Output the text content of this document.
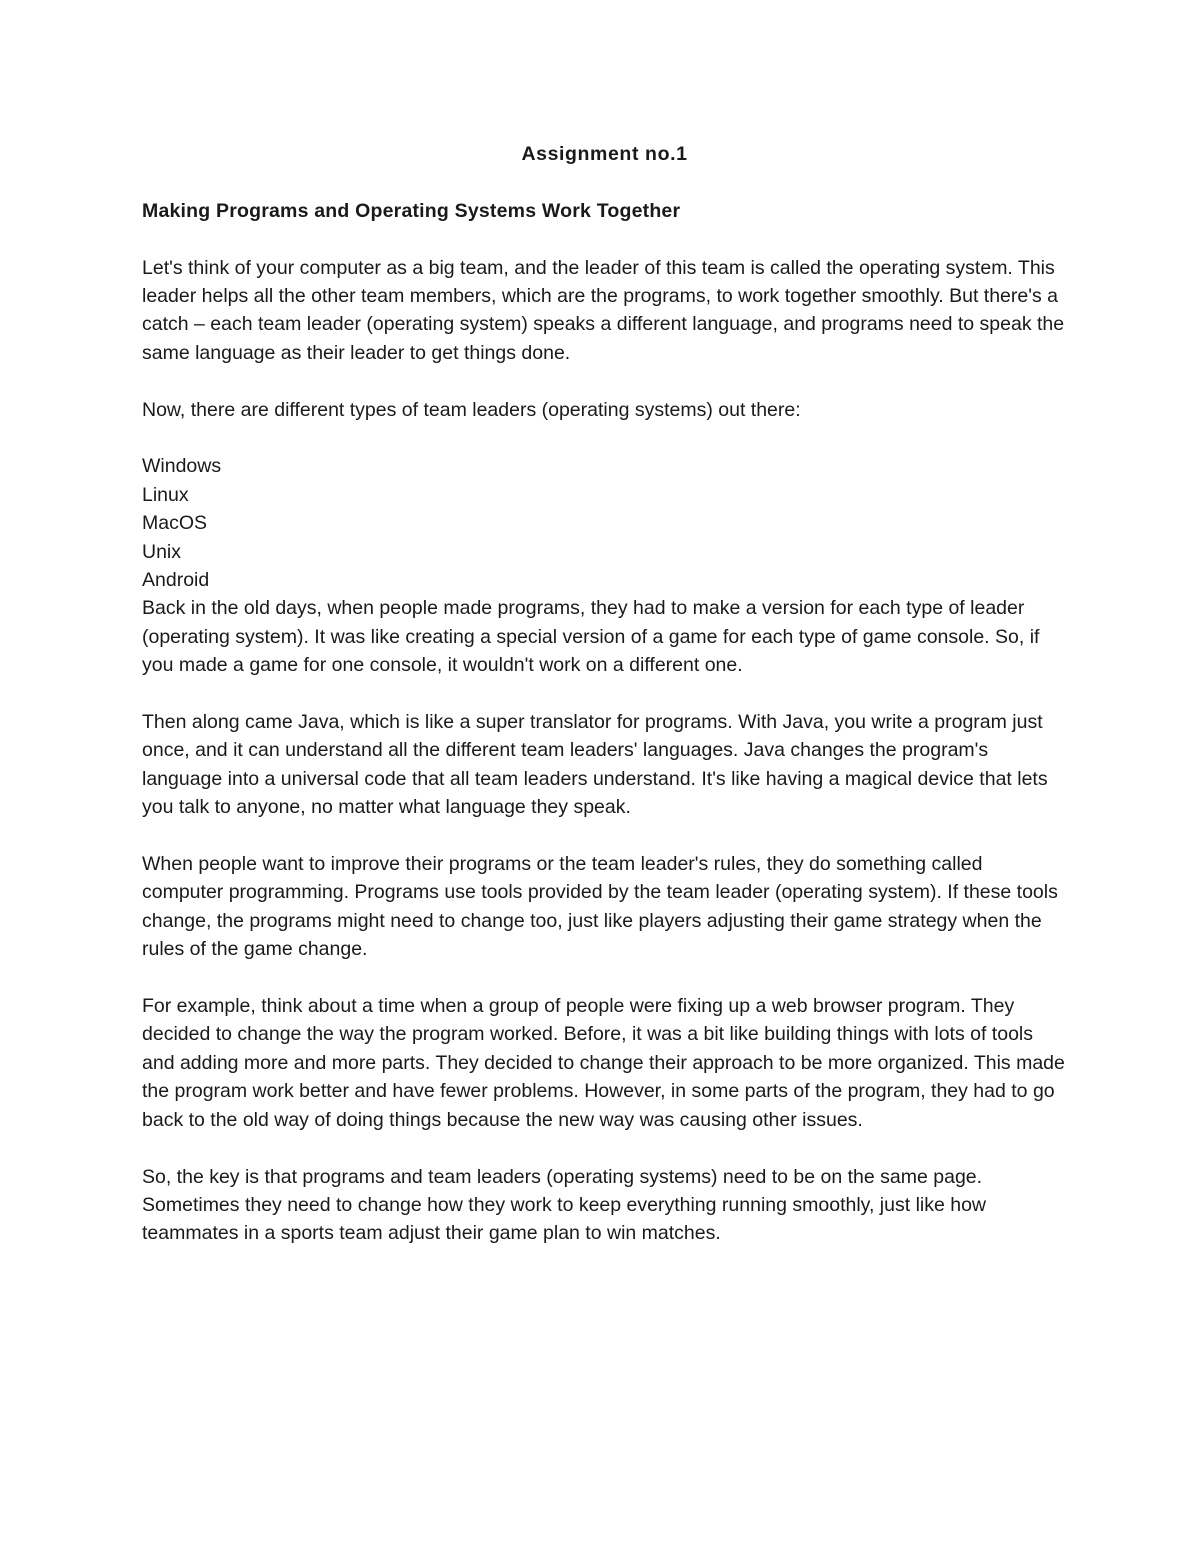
Assignment no.1
Making Programs and Operating Systems Work Together

Let's think of your computer as a big team, and the leader of this team is called the operating system. This leader helps all the other team members, which are the programs, to work together smoothly. But there's a catch – each team leader (operating system) speaks a different language, and programs need to speak the same language as their leader to get things done.

Now, there are different types of team leaders (operating systems) out there:

Windows
Linux
MacOS
Unix
Android

Back in the old days, when people made programs, they had to make a version for each type of leader (operating system). It was like creating a special version of a game for each type of game console. So, if you made a game for one console, it wouldn't work on a different one.

Then along came Java, which is like a super translator for programs. With Java, you write a program just once, and it can understand all the different team leaders' languages. Java changes the program's language into a universal code that all team leaders understand. It's like having a magical device that lets you talk to anyone, no matter what language they speak.

When people want to improve their programs or the team leader's rules, they do something called computer programming. Programs use tools provided by the team leader (operating system). If these tools change, the programs might need to change too, just like players adjusting their game strategy when the rules of the game change.

For example, think about a time when a group of people were fixing up a web browser program. They decided to change the way the program worked. Before, it was a bit like building things with lots of tools and adding more and more parts. They decided to change their approach to be more organized. This made the program work better and have fewer problems. However, in some parts of the program, they had to go back to the old way of doing things because the new way was causing other issues.

So, the key is that programs and team leaders (operating systems) need to be on the same page. Sometimes they need to change how they work to keep everything running smoothly, just like how teammates in a sports team adjust their game plan to win matches.
